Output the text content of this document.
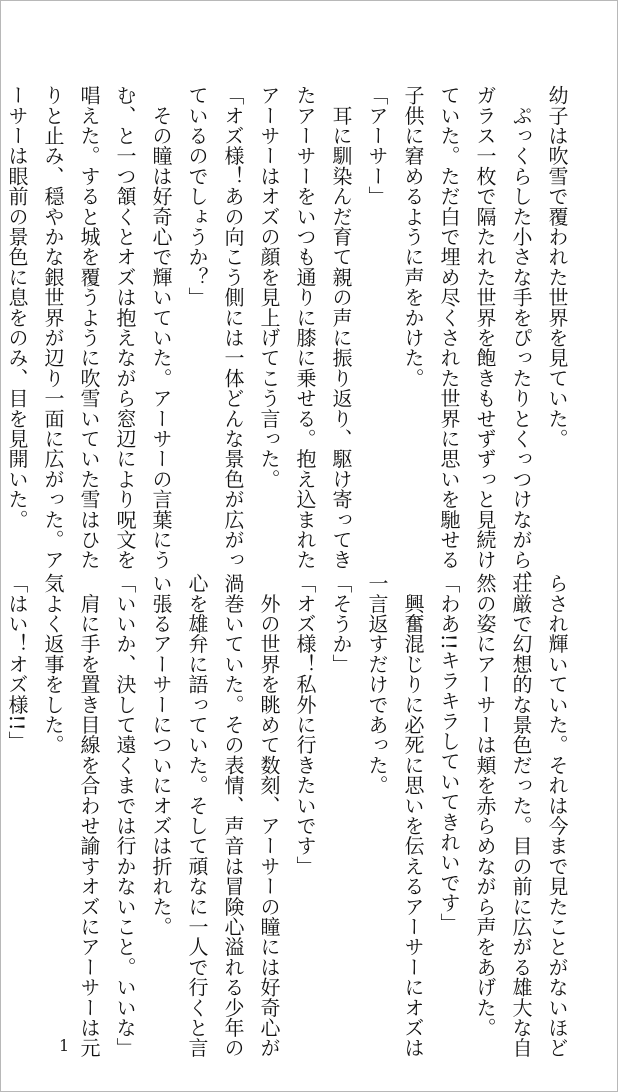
幼子は吹雪で覆われた世界を見ていた。

　ぷっくらした小さな手をぴったりとくっつけながら、

ガラス一枚で隔たれた世界を飽きもせずずっと見続け

ていた。ただ白で埋め尽くされた世界に思いを馳せる

子供に窘めるように声をかけた。

「アーサー」

　耳に馴染んだ育て親の声に振り返り、駆け寄ってき

たアーサーをいつも通りに膝に乗せる。抱え込まれた

アーサーはオズの顔を見上げてこう言った。

「オズ様！あの向こう側には一体どんな景色が広がっ

ているのでしょうか？」

　その瞳は好奇心で輝いていた。アーサーの言葉にう

む、と一つ頷くとオズは抱えながら窓辺により呪文を

唱えた。すると城を覆うように吹雪いていた雪はひた

りと止み、穏やかな銀世界が辺り一面に広がった。ア

ーサーは眼前の景色に息をのみ、目を見開いた。

らされ輝いていた。それは今まで見たことがないほど

荘厳で幻想的な景色だった。目の前に広がる雄大な自

然の姿にアーサーは頬を赤らめながら声をあげた。

「わあ!!キラキラしていてきれいです」

　興奮混じりに必死に思いを伝えるアーサーにオズは

一言返すだけであった。

「そうか」

「オズ様！私外に行きたいです」

　外の世界を眺めて数刻、アーサーの瞳には好奇心が

渦巻いていた。その表情、声音は冒険心溢れる少年の

心を雄弁に語っていた。そして頑なに一人で行くと言

い張るアーサーについにオズは折れた。

「いいか、決して遠くまでは行かないこと。いいな」

　肩に手を置き目線を合わせ諭すオズにアーサーは元

気よく返事をした。

「はい！オズ様!!」

1
